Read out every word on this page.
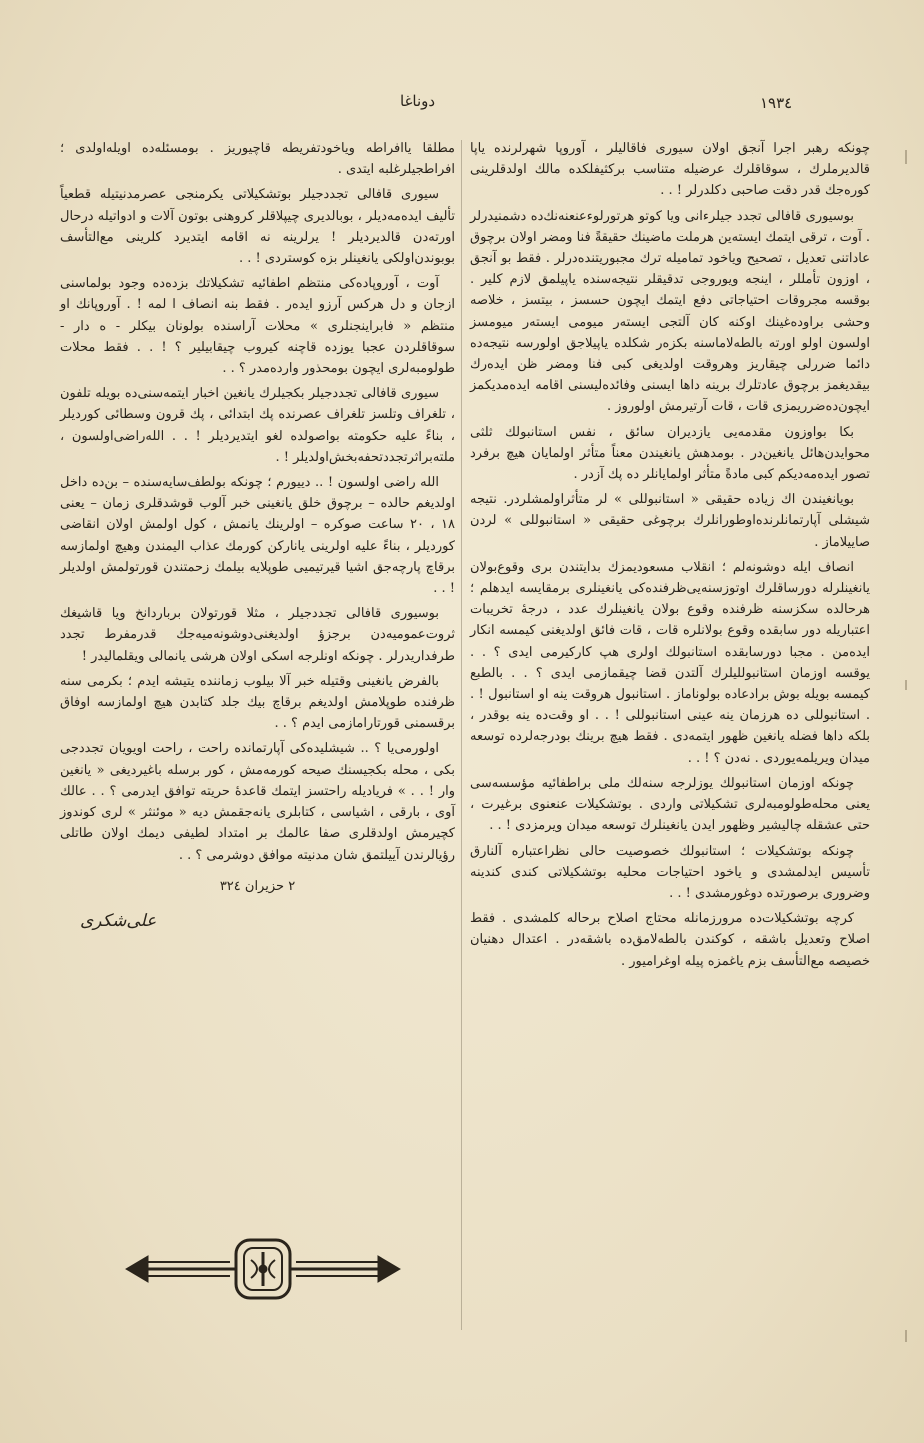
دوناغا	١٩٣٤

چونکه رهبر اجرا آنجق اولان سیوری فاقالیلر ، آوروپا شهرلرنده یاپا قالدیرملرك ، سوقاقلرك عرضیله متناسب برکثیفلکده مالك اولدقلرینی کوره‌جك قدر دقت صاحبی دکلدرلر ! . .

بوسیوری قافالی تجدد جیلرءانی ویا کوتو هرتورلوءعنعنه‌نك‌ده دشمنیدرلر . آوت ، ترقی ایتمك ایسته‌ین هرملت ماضینك حقیقةً فنا ومضر اولان برچوق عاداتنی تعدیل ، تصحیح ویاخود تماميله ترك مجبوریتنده‌درلر . فقط بو آنجق ، اوزون تأمللر ، اینجه ویوروجی تدقیقلر نتیجه‌سنده یاپیلمق لازم کلیر . بوقسه مجروقات احتیاجاتی دفع ایتمك ایچون حسسز ، بیتسز ، خلاصه وحشی براوده‌غینك اوکنه کان آلتجی ایسته‌ر میومی ایسته‌ر میومسز اولسون اولو اورته بالطه‌لاماسنه بکزه‌ر شکلده یاپیلاجق اولورسه نتیجه‌ده دائما ضررلی چیقاریز وهروقت اولدیغی کبی فنا ومضر ظن ایده‌رك بیقدیغمز برچوق عادتلرك برینه داها ایسنی وفائده‌لیسنی اقامه ایده‌مدیکمز ایچون‌ده‌ضرریمزی قات ، قات آرتیرمش اولوروز .

بکا بواوزون مقدمه‌یی یازدیران سائق ، نفس استانبولك ثلثی محوایدن‌هائل یانغین‌در . بومدهش یانغیندن معناً متأثر اولمایان هیچ برفرد تصور ایده‌مه‌دیکم کبی مادةً متأثر اولمایانلر ده پك آزدر .

بویانغیندن اك زیاده حقیقی « استانبوللی » لر متأثراولمشلردر. نتیجه شیشلی آپارتمانلرنده‌اوطورانلرك برچوغی حقیقی « استانبوللی » لردن صاییلاماز .

انصاف ایله دوشونه‌لم ؛ انقلاب مسعودیمزك بدایتندن بری وقوع‌بولان یانغینلرله دورساقلرك اوتوزسنه‌یی‌ظرفنده‌کی یانغینلری برمقایسه ایدهلم ؛ هرحالده سکزسنه ظرفنده وقوع بولان یانغینلرك عدد ، درجهٔ تخریبات اعتباریله دور سابقده وقوع بولانلره قات ، قات فائق اولدیغنی کیمسه انکار ایده‌من . مجبا دورسابقده استانبولك اولری هپ کارکیرمی ایدی ؟ . . یوقسه اوزمان استانبوللیلرك آلتدن قضا چیقمازمی ایدی ؟ . . بالطبع کیمسه بویله بوش برادعاده بولوناماز . استانبول هروقت ینه او استانبول ! . . استانبوللی ده هرزمان ینه عینی استانبوللی ! . . او وقت‌ده ینه بوقدر ، بلکه داها فضله یانغین ظهور ایتمه‌دی . فقط هیچ برینك بودرجه‌لرده توسعه میدان ویریلمه‌یوردی . نه‌دن ؟ ! . .

چونکه اوزمان استانبولك یوزلرجه سنه‌لك ملی براطفائیه مؤسسه‌سی یعنی محله‌طولومبه‌لری تشکیلاتی واردی . بوتشکیلات عنعنوی برغیرت ، حتی عشقله چالیشیر وظهور ایدن یانغینلرك توسعه میدان ویرمزدی ! . .

چونکه بوتشکیلات ؛ استانبولك خصوصیت حالی نظراعتباره آلنارق تأسیس ایدلمشدی و یاخود احتیاجات محلیه بوتشکیلاتی کندی کندینه وضروری برصورتده دوغورمشدی ! . .

کرچه بوتشکیلات‌ده مرورزمانله محتاج اصلاح برحاله کلمشدی . فقط اصلاح وتعدیل باشقه ، کوکندن بالطه‌لامق‌ده باشقه‌در . اعتدال دهنیان خصیصه مع‌التأسف بزم یاغمزه پیله اوغرامیور .

مطلقا یاافراطه ویاخودتفریطه قاچیوریز . بومسئله‌ده اویله‌اولدی ؛ افراطجیلرغلبه ایتدی .

سیوری قافالی تجددجیلر بوتشکیلاتی یکرمنجی عصرمدنیتیله قطعیاً تألیف ایده‌مه‌دیلر ، بوبالدیری چیپلاقلر کروهنی بوتون آلات و ادواتیله درحال اورته‌دن قالدیردیلر ! یرلرینه نه اقامه ایتدیرد کلرینی مع‌التأسف بوبوندن‌اولکی یانغینلر بزه کوستردی ! . .

آوت ، آوروپاده‌کی منتظم اطفائیه تشکیلاتك بزده‌ده وجود بولماسنی ازجان و دل هرکس آرزو ایده‌ر . فقط بنه انصاف ا لمه ! . آوروپانك او منتظم « فابراینجنلری » محلات آراسنده بولونان بیکلر - ه دار - سوقاقلردن عجبا یوزده قاچنه کیروب چیقابیلیر ؟ ! . . فقط محلات طولومبه‌لری ایچون بومحذور وارده‌مدر ؟ . .

سیوری قافالی تجددجیلر بکجیلرك یانغین اخبار ایتمه‌سنی‌ده بویله تلفون ، تلغراف وتلسز تلغراف عصرنده پك ابتدائی ، پك قرون وسطائی کوردیلر ، بناءً علیه حکومته بواصولده لغو ایتدیردیلر ! . . الله‌راضی‌اولسون ، ملته‌براثرتجددتحفه‌بخش‌اولدیلر ! .

الله راضی اولسون ! .. دییورم ؛ چونکه بولطف‌سایه‌سنده – بن‌ده داخل اولدیغم حالده – برچوق خلق یانغینی خبر آلوب قوشدقلری زمان – یعنی ١٨ ، ٢٠ ساعت صوکره – اولرینك یانمش ، کول اولمش اولان انقاضی کوردیلر ، بناءً علیه اولرینی یانارکن کورمك عذاب الیمندن وهیچ اولمازسه برقاچ پارچه‌جق اشیا قیرتیمیی طوپلایه بیلمك زحمتندن قورتولمش اولدیلر ! . .

بوسیوری قافالی تجددجیلر ، مثلا قورتولان برباردانخ ویا قاشیغك ثروت‌عمومیه‌دن برجزؤ اولدیغنی‌دوشونه‌میه‌جك قدرمفرط تجدد طرفداریدرلر . چونکه اونلرجه اسکی اولان هرشی یانمالی ویقلمالیدر !

بالفرض یانغینی وقتیله خبر آلا بیلوب زماننده یتیشه ایدم ؛ بکرمی سنه ظرفنده طوپلامش اولدیغم برقاچ بیك جلد کتابدن هیچ اولمازسه اوفاق برقسمنی قورتارامازمی ایدم ؟ . .

اولورمی‌یا ؟ .. شیشلیده‌کی آپارتمانده راحت ، راحت اویویان تجددجی بکی ، محله بکجیسنك صیحه کورمه‌مش ، کور برسله باغیردیغی « یانغین وار ! . . » فریادیله راحتسز ایتمك قاعدهٔ حریته توافق ایدرمی ؟ . . عالك آوی ، بارقی ، اشیاسی ، کتابلری یانه‌جقمش دیه « موئنثر » لری کوندوز کچیرمش اولدقلری صفا عالمك بر امتداد لطیفی دیمك اولان طاتلی رؤیالرندن آییلتمق شان مدنیته موافق دوشرمی ؟ . .

٢ حزیران ٣٢٤
علی‌شکری
